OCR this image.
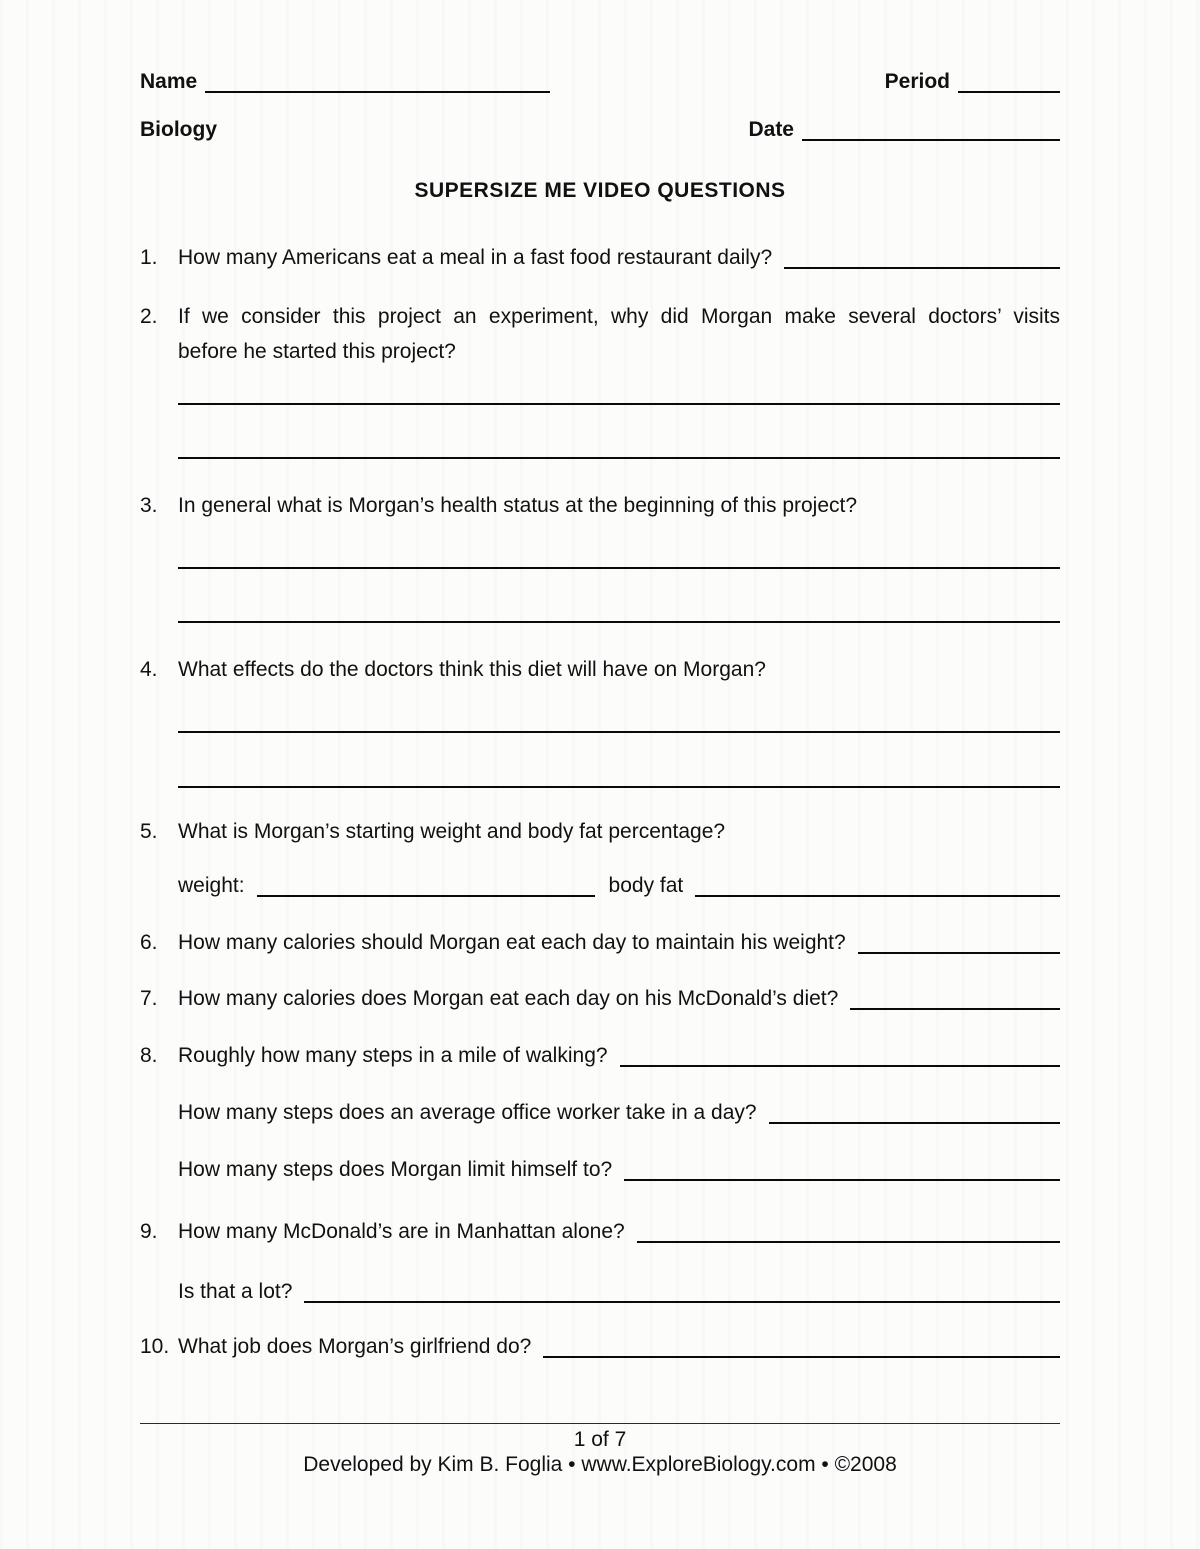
Name	Period
Biology	Date
SUPERSIZE ME VIDEO QUESTIONS
1. How many Americans eat a meal in a fast food restaurant daily?
2. If we consider this project an experiment, why did Morgan make several doctors’ visits
before he started this project?
3. In general what is Morgan’s health status at the beginning of this project?
4. What effects do the doctors think this diet will have on Morgan?
5. What is Morgan’s starting weight and body fat percentage?
weight:	body fat
6. How many calories should Morgan eat each day to maintain his weight?
7. How many calories does Morgan eat each day on his McDonald’s diet?
8. Roughly how many steps in a mile of walking?
How many steps does an average office worker take in a day?
How many steps does Morgan limit himself to?
9. How many McDonald’s are in Manhattan alone?
Is that a lot?
10. What job does Morgan’s girlfriend do?
1 of 7
Developed by Kim B. Foglia • www.ExploreBiology.com • ©2008
